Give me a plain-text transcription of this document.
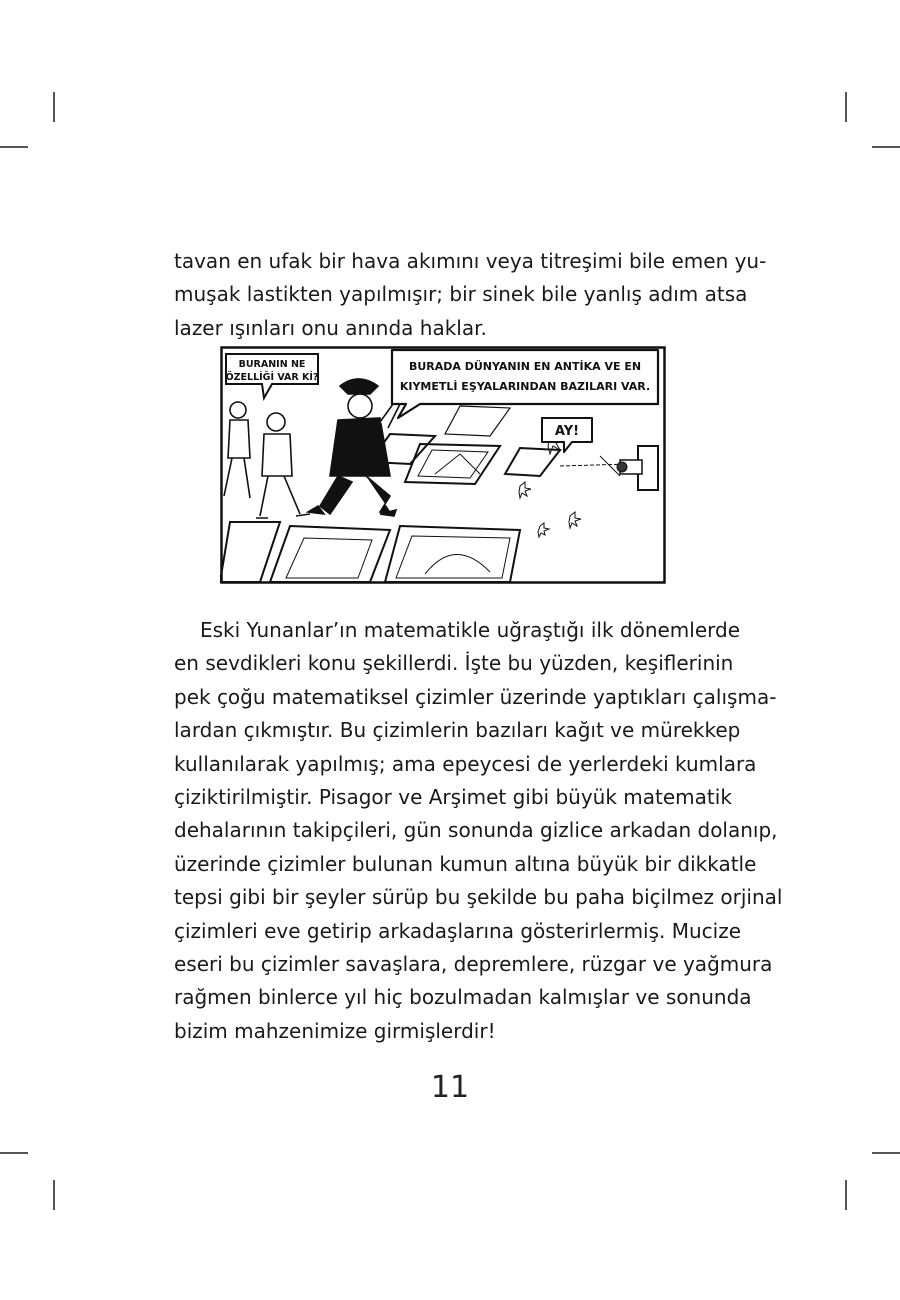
tavan en ufak bir hava akımını veya titreşimi bile emen yu-
muşak lastikten yapılmışır; bir sinek bile yanlış adım atsa
lazer ışınları onu anında haklar.

BURANIN NE
ÖZELLİĞİ VAR Kİ?
BURADA DÜNYANIN EN ANTİKA VE EN
KIYMETLİ EŞYALARINDAN BAZILARI VAR.
AY!

Eski Yunanlar’ın matematikle uğraştığı ilk dönemlerde
en sevdikleri konu şekillerdi. İşte bu yüzden, keşiflerinin
pek çoğu matematiksel çizimler üzerinde yaptıkları çalışma-
lardan çıkmıştır. Bu çizimlerin bazıları kağıt ve mürekkep
kullanılarak yapılmış; ama epeycesi de yerlerdeki kumlara
çiziktirilmiştir. Pisagor ve Arşimet gibi büyük matematik
dehalarının takipçileri, gün sonunda gizlice arkadan dolanıp,
üzerinde çizimler bulunan kumun altına büyük bir dikkatle
tepsi gibi bir şeyler sürüp bu şekilde bu paha biçilmez orjinal
çizimleri eve getirip arkadaşlarına gösterirlermiş. Mucize
eseri bu çizimler savaşlara, depremlere, rüzgar ve yağmura
rağmen binlerce yıl hiç bozulmadan kalmışlar ve sonunda
bizim mahzenimize girmişlerdir!

11
